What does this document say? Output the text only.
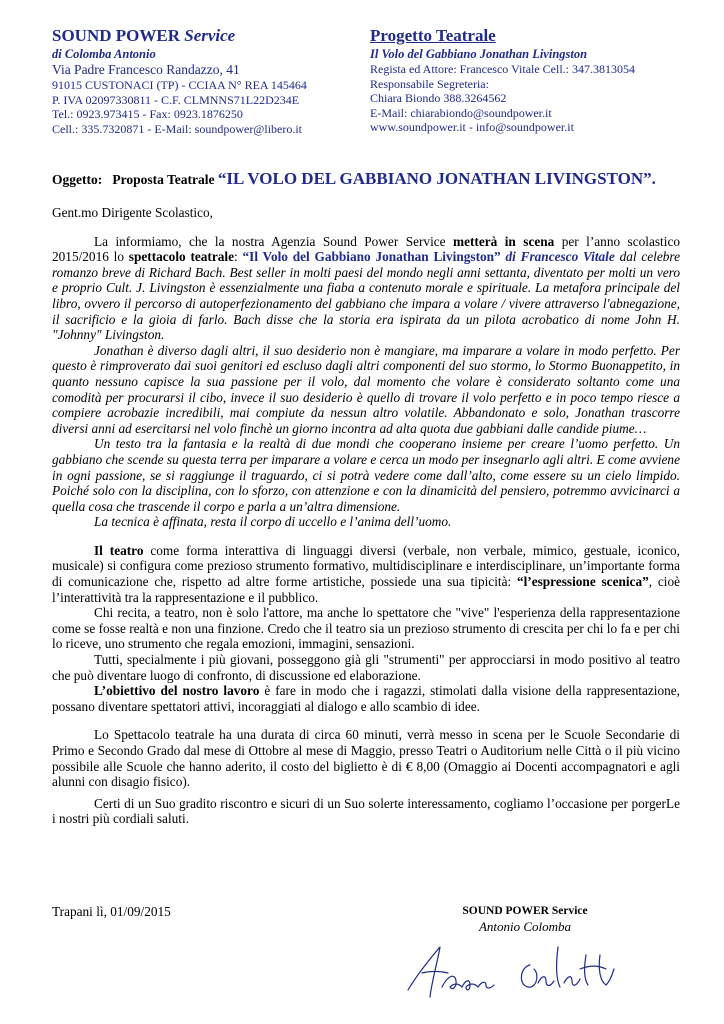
SOUND POWER Service
di Colomba Antonio
Via Padre Francesco Randazzo, 41
91015 CUSTONACI (TP) - CCIAA N° REA 145464
P. IVA 02097330811 - C.F. CLMNNS71L22D234E
Tel.: 0923.973415 - Fax: 0923.1876250
Cell.: 335.7320871 - E-Mail: soundpower@libero.it
Progetto Teatrale
Il Volo del Gabbiano Jonathan Livingston
Regista ed Attore: Francesco Vitale Cell.: 347.3813054
Responsabile Segreteria:
Chiara Biondo 388.3264562
E-Mail: chiarabiondo@soundpower.it
www.soundpower.it - info@soundpower.it
Oggetto: Proposta Teatrale “IL VOLO DEL GABBIANO JONATHAN LIVINGSTON”.

Gent.mo Dirigente Scolastico,

La informiamo, che la nostra Agenzia Sound Power Service metterà in scena per l’anno scolastico 2015/2016 lo spettacolo teatrale: “Il Volo del Gabbiano Jonathan Livingston” di Francesco Vitale dal celebre romanzo breve di Richard Bach. Best seller in molti paesi del mondo negli anni settanta, diventato per molti un vero e proprio Cult. J. Livingston è essenzialmente una fiaba a contenuto morale e spirituale. La metafora principale del libro, ovvero il percorso di autoperfezionamento del gabbiano che impara a volare / vivere attraverso l'abnegazione, il sacrificio e la gioia di farlo. Bach disse che la storia era ispirata da un pilota acrobatico di nome John H. "Johnny" Livingston.

Jonathan è diverso dagli altri, il suo desiderio non è mangiare, ma imparare a volare in modo perfetto. Per questo è rimproverato dai suoi genitori ed escluso dagli altri componenti del suo stormo, lo Stormo Buonappetito, in quanto nessuno capisce la sua passione per il volo, dal momento che volare è considerato soltanto come una comodità per procurarsi il cibo, invece il suo desiderio è quello di trovare il volo perfetto e in poco tempo riesce a compiere acrobazie incredibili, mai compiute da nessun altro volatile. Abbandonato e solo, Jonathan trascorre diversi anni ad esercitarsi nel volo finchè un giorno incontra ad alta quota due gabbiani dalle candide piume…

Un testo tra la fantasia e la realtà di due mondi che cooperano insieme per creare l’uomo perfetto. Un gabbiano che scende su questa terra per imparare a volare e cerca un modo per insegnarlo agli altri. E come avviene in ogni passione, se si raggiunge il traguardo, ci si potrà vedere come dall’alto, come essere su un cielo limpido. Poiché solo con la disciplina, con lo sforzo, con attenzione e con la dinamicità del pensiero, potremmo avvicinarci a quella cosa che trascende il corpo e parla a un’altra dimensione.

La tecnica è affinata, resta il corpo di uccello e l’anima dell’uomo.

Il teatro come forma interattiva di linguaggi diversi (verbale, non verbale, mimico, gestuale, iconico, musicale) si configura come prezioso strumento formativo, multidisciplinare e interdisciplinare, un’importante forma di comunicazione che, rispetto ad altre forme artistiche, possiede una sua tipicità: “l’espressione scenica”, cioè l’interattività tra la rappresentazione e il pubblico.

Chi recita, a teatro, non è solo l'attore, ma anche lo spettatore che "vive" l'esperienza della rappresentazione come se fosse realtà e non una finzione. Credo che il teatro sia un prezioso strumento di crescita per chi lo fa e per chi lo riceve, uno strumento che regala emozioni, immagini, sensazioni.

Tutti, specialmente i più giovani, posseggono già gli "strumenti" per approcciarsi in modo positivo al teatro che può diventare luogo di confronto, di discussione ed elaborazione.

L’obiettivo del nostro lavoro è fare in modo che i ragazzi, stimolati dalla visione della rappresentazione, possano diventare spettatori attivi, incoraggiati al dialogo e allo scambio di idee.

Lo Spettacolo teatrale ha una durata di circa 60 minuti, verrà messo in scena per le Scuole Secondarie di Primo e Secondo Grado dal mese di Ottobre al mese di Maggio, presso Teatri o Auditorium nelle Città o il più vicino possibile alle Scuole che hanno aderito, il costo del biglietto è di € 8,00 (Omaggio ai Docenti accompagnatori e agli alunni con disagio fisico).

Certi di un Suo gradito riscontro e sicuri di un Suo solerte interessamento, cogliamo l’occasione per porgerLe i nostri più cordiali saluti.

Trapani lì, 01/09/2015	SOUND POWER Service
Antonio Colomba
